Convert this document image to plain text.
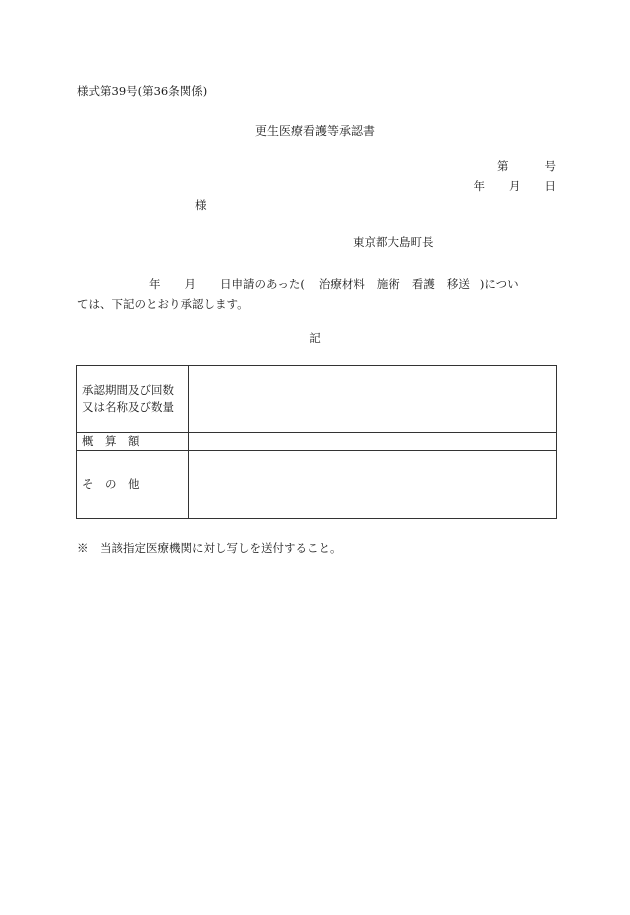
様式第39号(第36条関係)
更生医療看護等承認書
第	号
年 月 日
様
東京都大島町長
年 月 日申請のあった( 治療材料 施術 看護 移送 )につい
ては、下記のとおり承認します。
記
承認期間及び回数
又は名称及び数量	

概　算　額	
そ　の　他	
※　当該指定医療機関に対し写しを送付すること。
